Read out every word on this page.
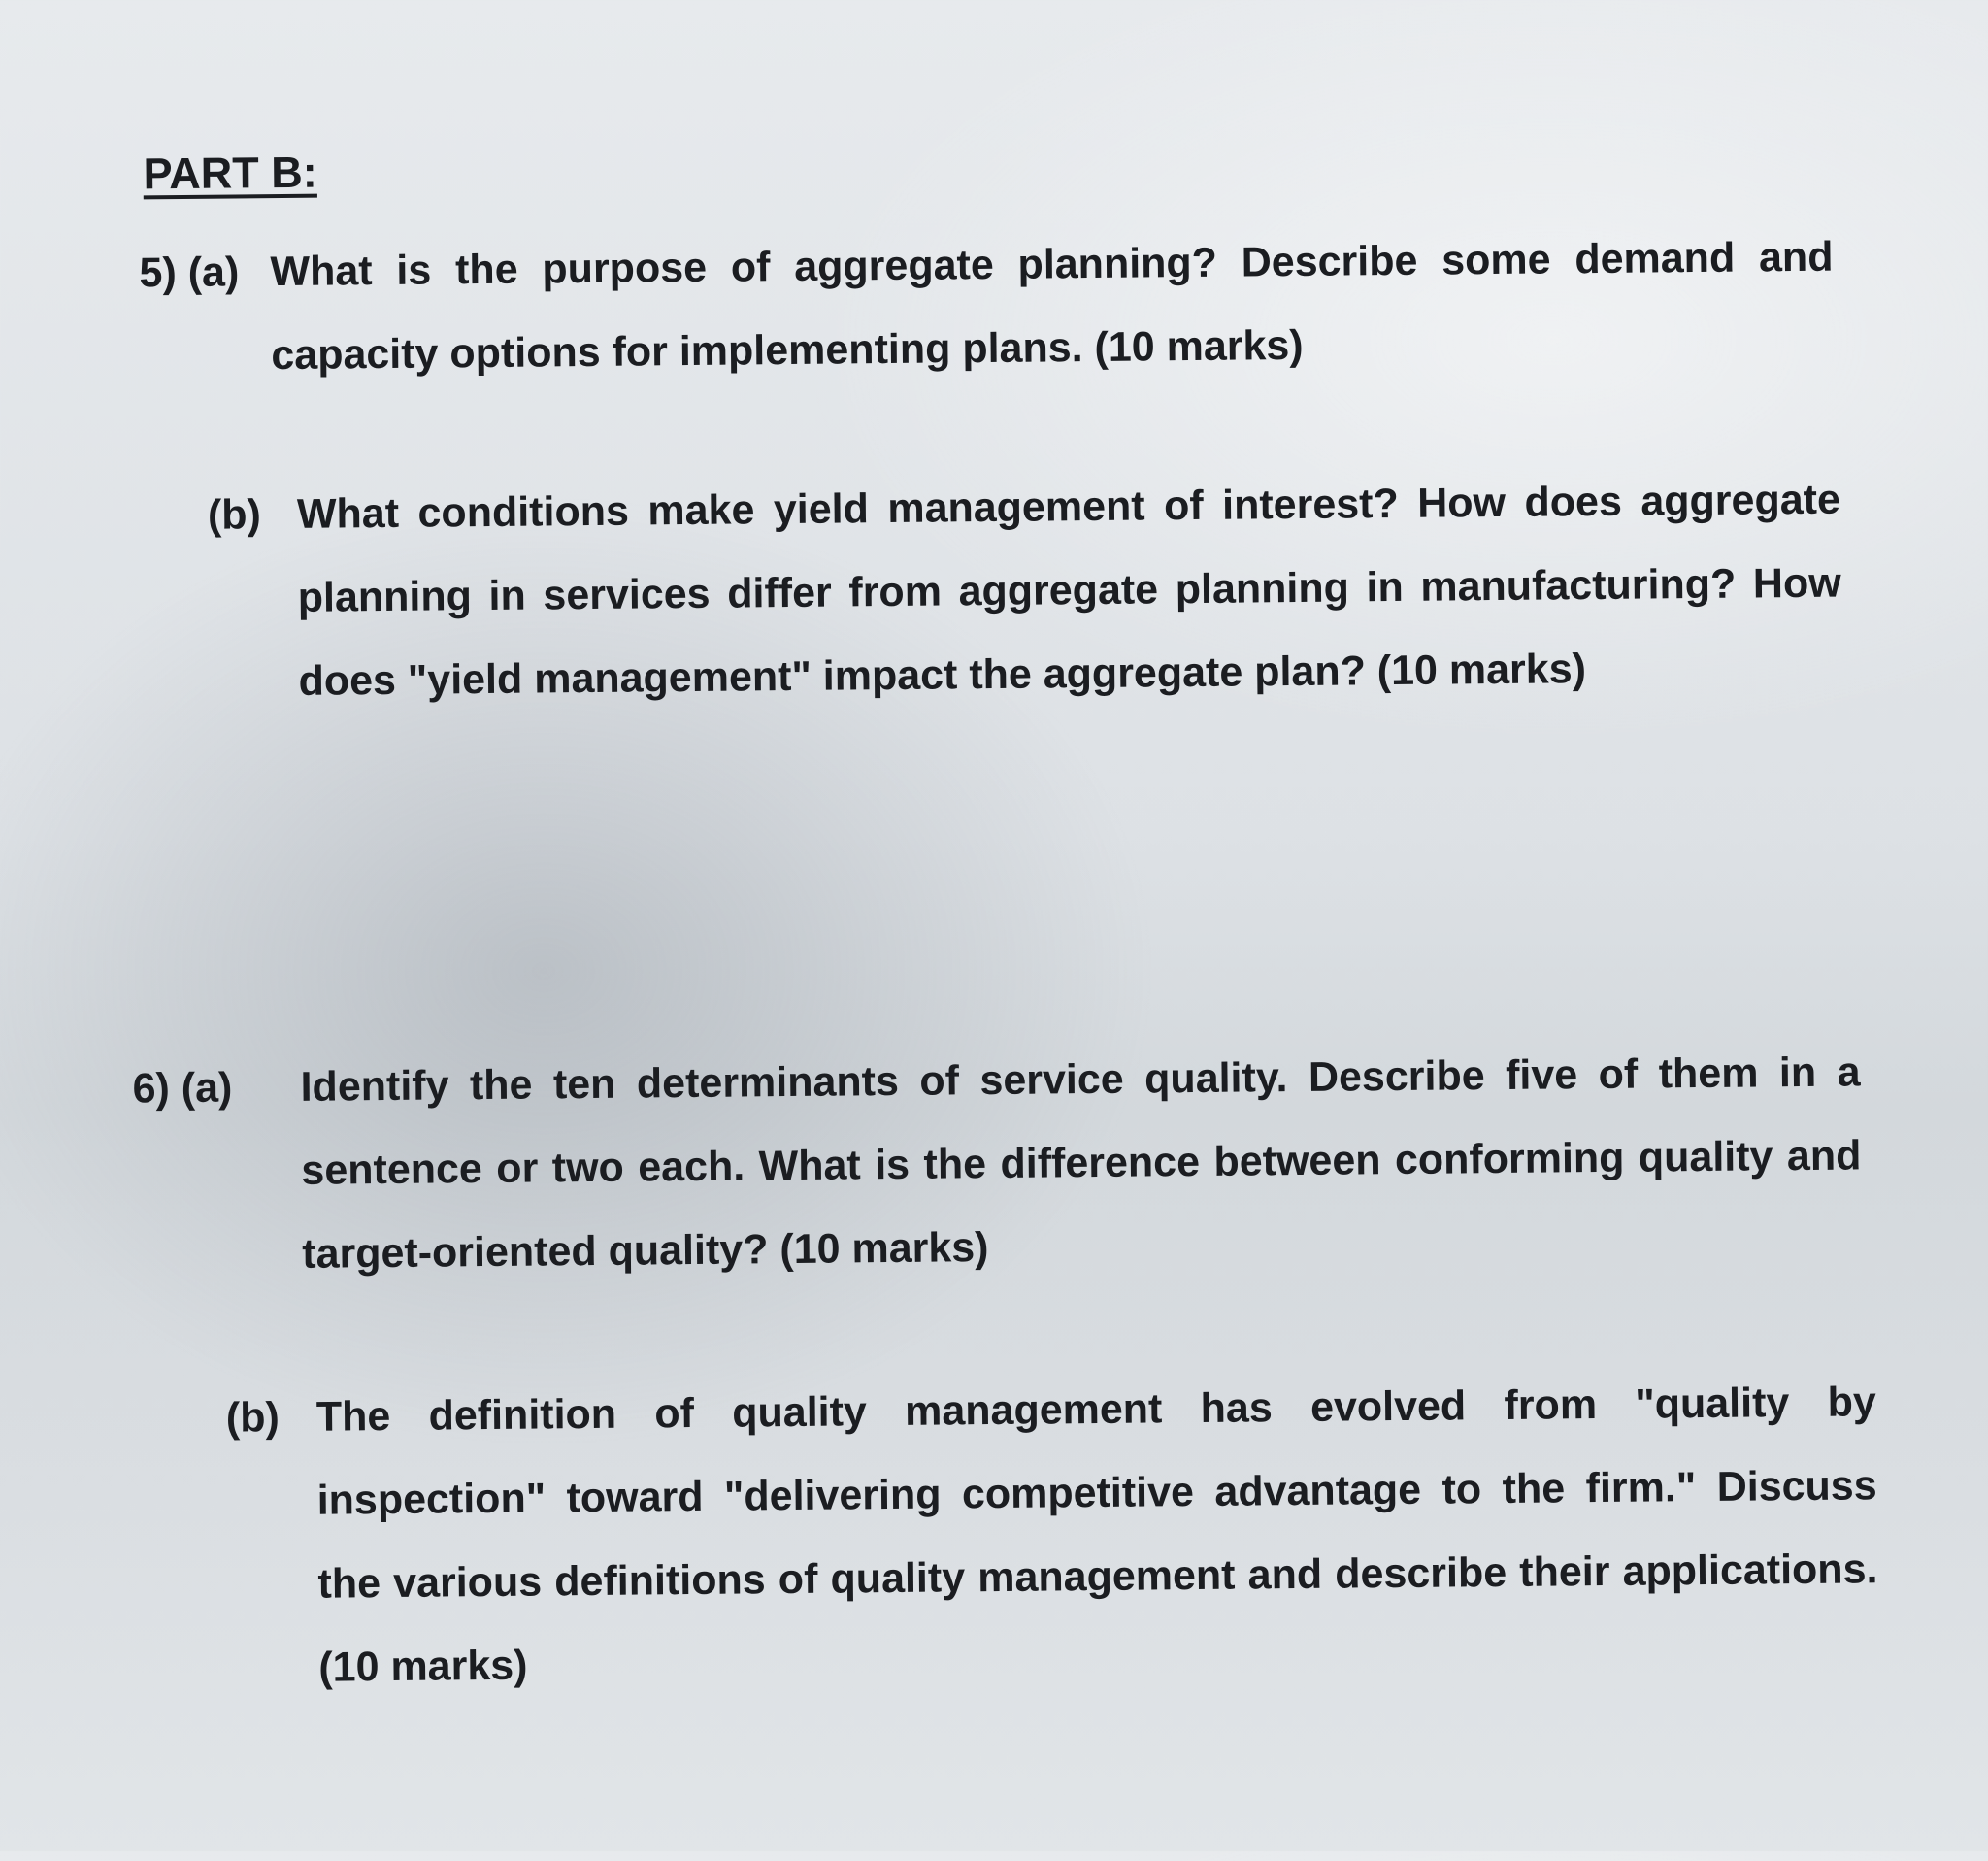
PART B:
5) (a) What is the purpose of aggregate planning? Describe some demand and capacity options for implementing plans. (10 marks)

(b) What conditions make yield management of interest? How does aggregate planning in services differ from aggregate planning in manufacturing? How does "yield management" impact the aggregate plan? (10 marks)

6) (a) Identify the ten determinants of service quality. Describe five of them in a sentence or two each. What is the difference between conforming quality and target-oriented quality? (10 marks)

(b) The definition of quality management has evolved from "quality by inspection" toward "delivering competitive advantage to the firm." Discuss the various definitions of quality management and describe their applications. (10 marks)
